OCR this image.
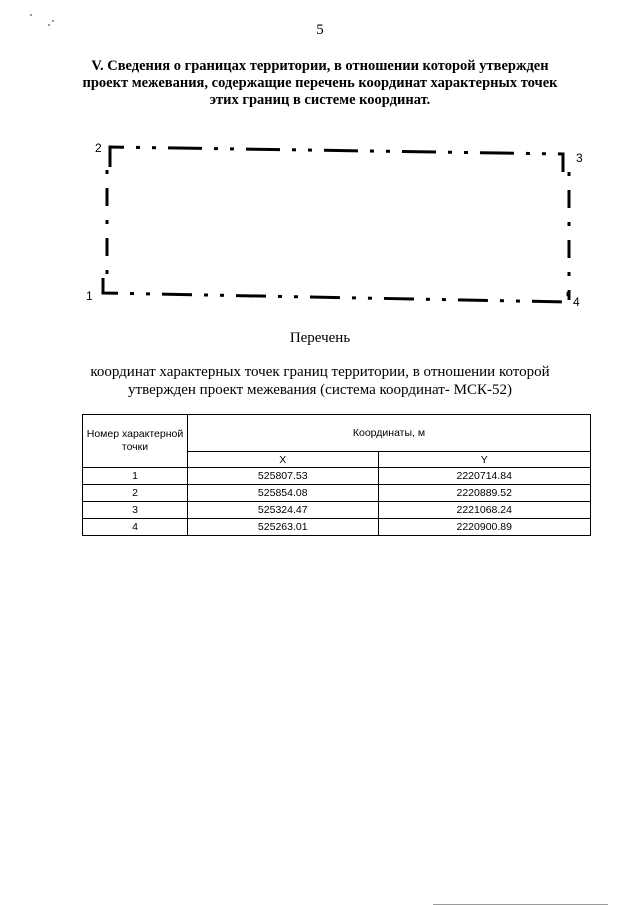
5
V. Сведения о границах территории, в отношении которой утвержден
проект межевания, содержащие перечень координат характерных точек
этих границ в системе координат.
2
3
1	4
Перечень
координат характерных точек границ территории, в отношении которой
утвержден проект межевания (система координат- МСК-52)
Номер характерной точки	Координаты, м	
	X	Y
1	525807.53	2220714.84
2	525854.08	2220889.52
3	525324.47	2221068.24
4	525263.01	2220900.89
